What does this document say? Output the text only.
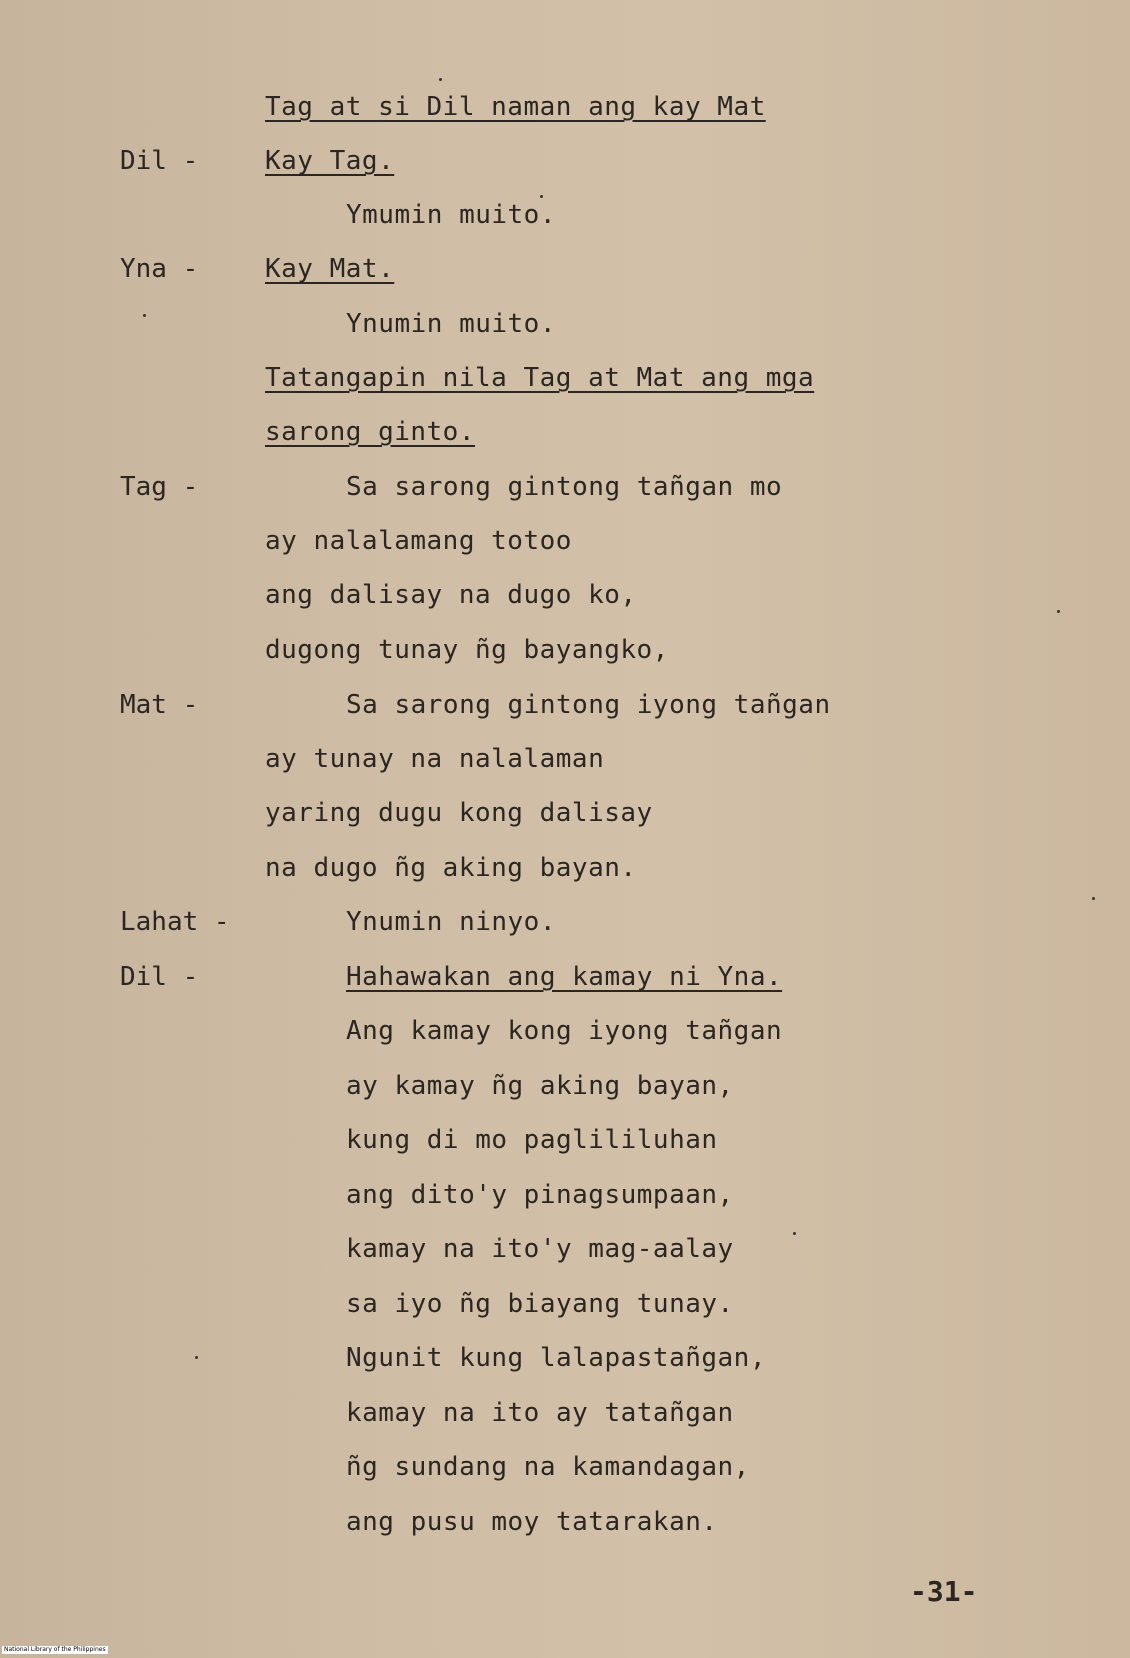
Dil -
Yna -
Tag -
Mat -
Lahat -
Dil -
Tag at si Dil naman ang kay Mat
Kay Tag.
Ymumin muito.
Kay Mat.
Ynumin muito.
Tatangapin nila Tag at Mat ang mga
sarong ginto.
Sa sarong gintong tañgan mo
ay nalalamang totoo
ang dalisay na dugo ko,
dugong tunay ñg bayangko,
Sa sarong gintong iyong tañgan
ay tunay na nalalaman
yaring dugu kong dalisay
na dugo ñg aking bayan.
Ynumin ninyo.
Hahawakan ang kamay ni Yna.
Ang kamay kong iyong tañgan
ay kamay ñg aking bayan,
kung di mo paglililuhan
ang dito'y pinagsumpaan,
kamay na ito'y mag-aalay
sa iyo ñg biayang tunay.
Ngunit kung lalapastañgan,
kamay na ito ay tatañgan
ñg sundang na kamandagan,
ang pusu moy tatarakan.
-31-
National Library of the Philippines
